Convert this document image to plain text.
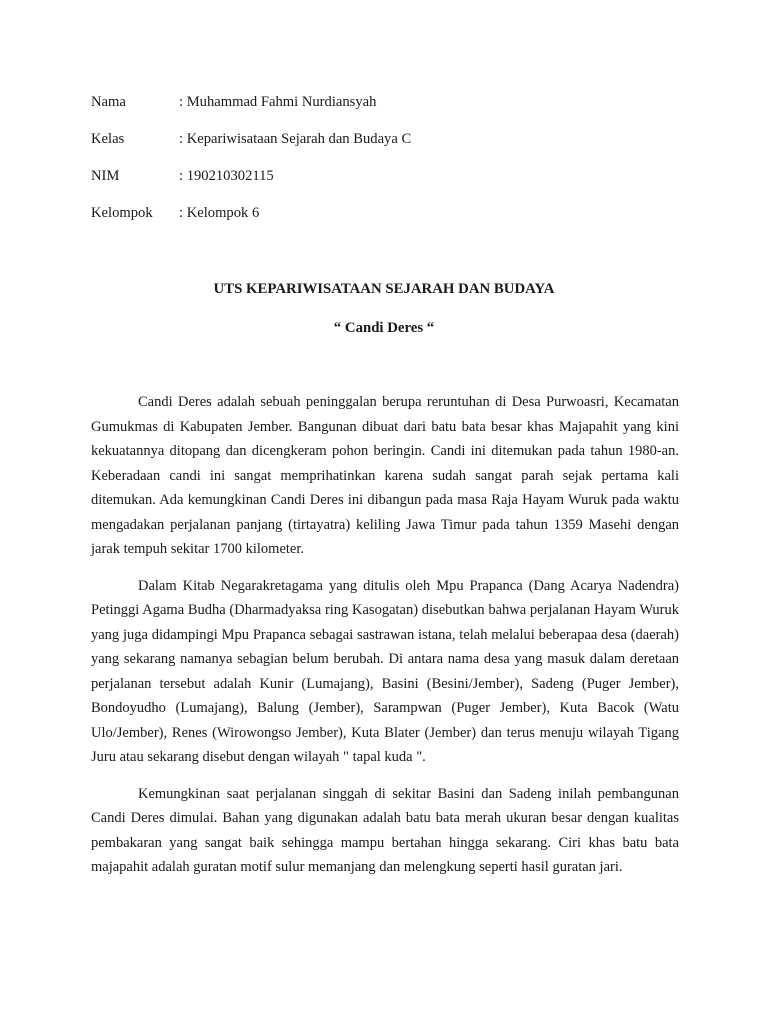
Nama	: Muhammad Fahmi Nurdiansyah
Kelas	: Kepariwisataan Sejarah dan Budaya C
NIM	: 190210302115
Kelompok : Kelompok 6
UTS KEPARIWISATAAN SEJARAH DAN BUDAYA
“ Candi Deres “

Candi Deres adalah sebuah peninggalan berupa reruntuhan di Desa Purwoasri, Kecamatan Gumukmas di Kabupaten Jember. Bangunan dibuat dari batu bata besar khas Majapahit yang kini kekuatannya ditopang dan dicengkeram pohon beringin. Candi ini ditemukan pada tahun 1980-an. Keberadaan candi ini sangat memprihatinkan karena sudah sangat parah sejak pertama kali ditemukan. Ada kemungkinan Candi Deres ini dibangun pada masa Raja Hayam Wuruk pada waktu mengadakan perjalanan panjang (tirtayatra) keliling Jawa Timur pada tahun 1359 Masehi dengan jarak tempuh sekitar 1700 kilometer.

Dalam Kitab Negarakretagama yang ditulis oleh Mpu Prapanca (Dang Acarya Nadendra) Petinggi Agama Budha (Dharmadyaksa ring Kasogatan) disebutkan bahwa perjalanan Hayam Wuruk yang juga didampingi Mpu Prapanca sebagai sastrawan istana, telah melalui beberapaa desa (daerah) yang sekarang namanya sebagian belum berubah. Di antara nama desa yang masuk dalam deretaan perjalanan tersebut adalah Kunir (Lumajang), Basini (Besini/Jember), Sadeng (Puger Jember), Bondoyudho (Lumajang), Balung (Jember), Sarampwan (Puger Jember), Kuta Bacok (Watu Ulo/Jember), Renes (Wirowongso Jember), Kuta Blater (Jember) dan terus menuju wilayah Tigang Juru atau sekarang disebut dengan wilayah " tapal kuda ".

Kemungkinan saat perjalanan singgah di sekitar Basini dan Sadeng inilah pembangunan Candi Deres dimulai. Bahan yang digunakan adalah batu bata merah ukuran besar dengan kualitas pembakaran yang sangat baik sehingga mampu bertahan hingga sekarang. Ciri khas batu bata majapahit adalah guratan motif sulur memanjang dan melengkung seperti hasil guratan jari.
